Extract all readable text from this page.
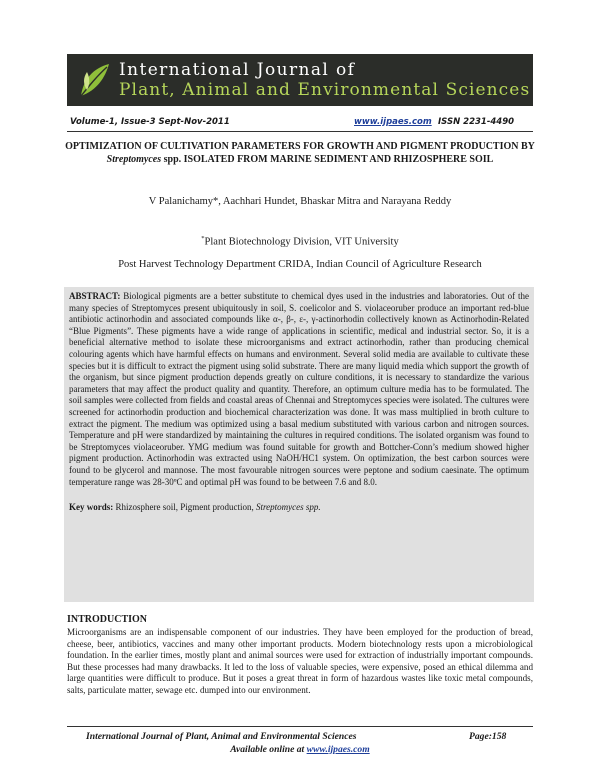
International Journal of
Plant, Animal and Environmental Sciences
Volume-1, Issue-3 Sept-Nov-2011	www.ijpaes.com ISSN 2231-4490
OPTIMIZATION OF CULTIVATION PARAMETERS FOR GROWTH AND PIGMENT PRODUCTION BY Streptomyces spp. ISOLATED FROM MARINE SEDIMENT AND RHIZOSPHERE SOIL
V Palanichamy*, Aachhari Hundet, Bhaskar Mitra and Narayana Reddy
*Plant Biotechnology Division, VIT University
Post Harvest Technology Department CRIDA, Indian Council of Agriculture Research
ABSTRACT: Biological pigments are a better substitute to chemical dyes used in the industries and laboratories. Out of the many species of Streptomyces present ubiquitously in soil, S. coelicolor and S. violaceoruber produce an important red-blue antibiotic actinorhodin and associated compounds like α-, β-, ε-, γ-actinorhodin collectively known as Actinorhodin-Related “Blue Pigments”. These pigments have a wide range of applications in scientific, medical and industrial sector. So, it is a beneficial alternative method to isolate these microorganisms and extract actinorhodin, rather than producing chemical colouring agents which have harmful effects on humans and environment. Several solid media are available to cultivate these species but it is difficult to extract the pigment using solid substrate. There are many liquid media which support the growth of the organism, but since pigment production depends greatly on culture conditions, it is necessary to standardize the various parameters that may affect the product quality and quantity. Therefore, an optimum culture media has to be formulated. The soil samples were collected from fields and coastal areas of Chennai and Streptomyces species were isolated. The cultures were screened for actinorhodin production and biochemical characterization was done. It was mass multiplied in broth culture to extract the pigment. The medium was optimized using a basal medium substituted with various carbon and nitrogen sources. Temperature and pH were standardized by maintaining the cultures in required conditions. The isolated organism was found to be Streptomyces violaceoruber. YMG medium was found suitable for growth and Bottcher-Conn’s medium showed higher pigment production. Actinorhodin was extracted using NaOH/HC1 system. On optimization, the best carbon sources were found to be glycerol and mannose. The most favourable nitrogen sources were peptone and sodium caesinate. The optimum temperature range was 28-30ºC and optimal pH was found to be between 7.6 and 8.0.
Key words: Rhizosphere soil, Pigment production, Streptomyces spp.
INTRODUCTION
Microorganisms are an indispensable component of our industries. They have been employed for the production of bread, cheese, beer, antibiotics, vaccines and many other important products. Modern biotechnology rests upon a microbiological foundation. In the earlier times, mostly plant and animal sources were used for extraction of industrially important compounds. But these processes had many drawbacks. It led to the loss of valuable species, were expensive, posed an ethical dilemma and large quantities were difficult to produce. But it poses a great threat in form of hazardous wastes like toxic metal compounds, salts, particulate matter, sewage etc. dumped into our environment.
International Journal of Plant, Animal and Environmental Sciences	Page:158
Available online at www.ijpaes.com
